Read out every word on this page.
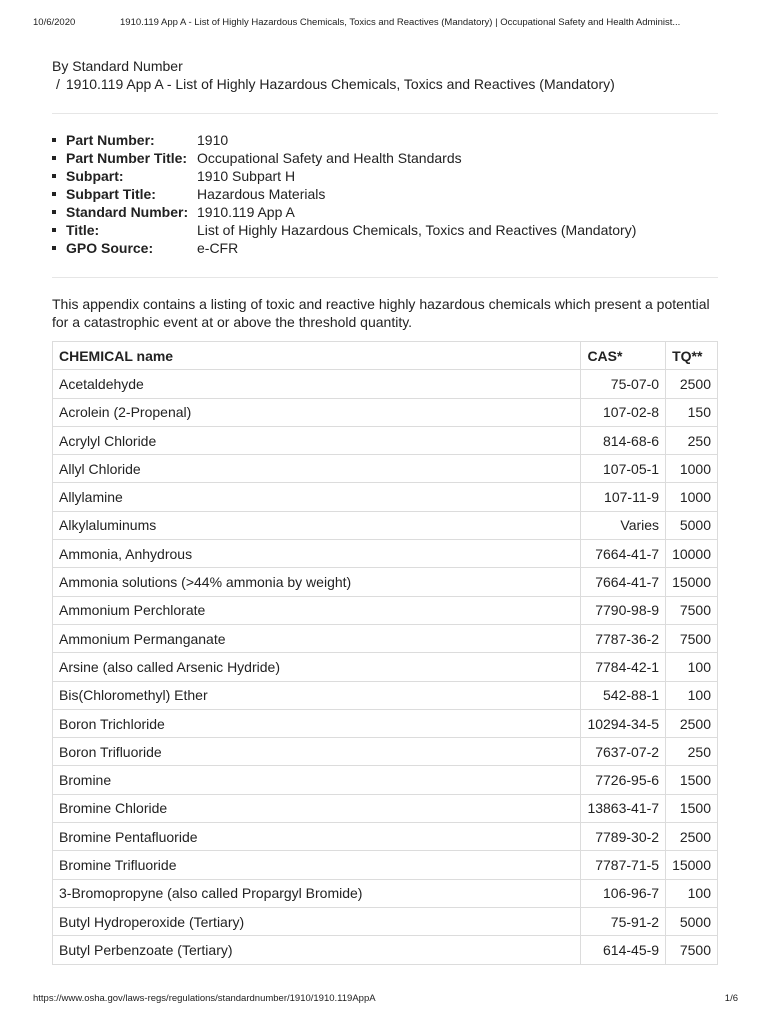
10/6/2020	1910.119 App A - List of Highly Hazardous Chemicals, Toxics and Reactives (Mandatory) | Occupational Safety and Health Administ...
By Standard Number
/ 1910.119 App A - List of Highly Hazardous Chemicals, Toxics and Reactives (Mandatory)
Part Number:	1910
Part Number Title: Occupational Safety and Health Standards
Subpart:	1910 Subpart H
Subpart Title:	Hazardous Materials
Standard Number: 1910.119 App A
Title:	List of Highly Hazardous Chemicals, Toxics and Reactives (Mandatory)
GPO Source:	e-CFR

This appendix contains a listing of toxic and reactive highly hazardous chemicals which present a potential for a catastrophic event at or above the threshold quantity.

CHEMICAL name	CAS*	TQ**
Acetaldehyde	75-07-0	2500
Acrolein (2-Propenal)	107-02-8	150
Acrylyl Chloride	814-68-6	250
Allyl Chloride	107-05-1	1000
Allylamine	107-11-9	1000
Alkylaluminums	Varies	5000
Ammonia, Anhydrous	7664-41-7	10000
Ammonia solutions (>44% ammonia by weight)	7664-41-7	15000
Ammonium Perchlorate	7790-98-9	7500
Ammonium Permanganate	7787-36-2	7500
Arsine (also called Arsenic Hydride)	7784-42-1	100
Bis(Chloromethyl) Ether	542-88-1	100
Boron Trichloride	10294-34-5	2500
Boron Trifluoride	7637-07-2	250
Bromine	7726-95-6	1500
Bromine Chloride	13863-41-7	1500
Bromine Pentafluoride	7789-30-2	2500
Bromine Trifluoride	7787-71-5	15000
3-Bromopropyne (also called Propargyl Bromide)	106-96-7	100
Butyl Hydroperoxide (Tertiary)	75-91-2	5000
Butyl Perbenzoate (Tertiary)	614-45-9	7500
https://www.osha.gov/laws-regs/regulations/standardnumber/1910/1910.119AppA	1/6
